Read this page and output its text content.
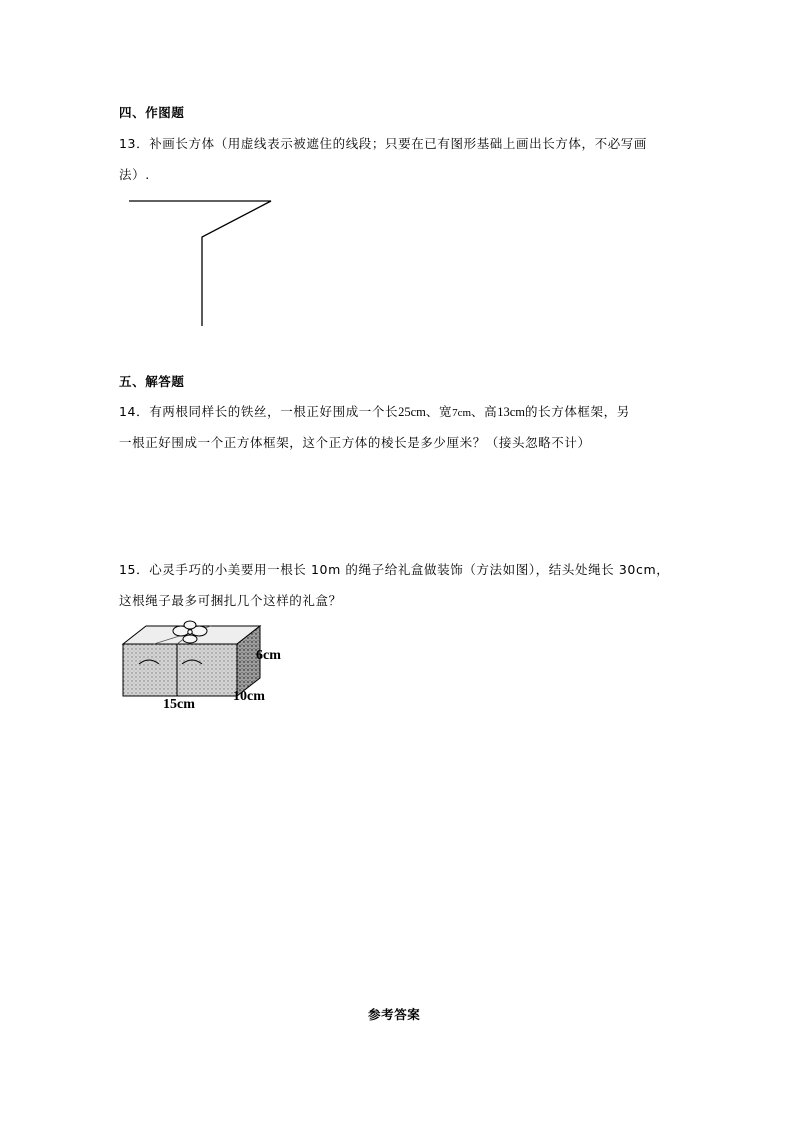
四、作图题
13．补画长方体（用虚线表示被遮住的线段；只要在已有图形基础上画出长方体，不必写画
法）.
五、解答题
14．有两根同样长的铁丝，一根正好围成一个长25cm、宽7cm、高13cm的长方体框架，另
一根正好围成一个正方体框架，这个正方体的棱长是多少厘米？（接头忽略不计）
15．心灵手巧的小美要用一根长 10m 的绳子给礼盒做装饰（方法如图），结头处绳长 30cm，
这根绳子最多可捆扎几个这样的礼盒？
6cm
10cm
15cm
参考答案
